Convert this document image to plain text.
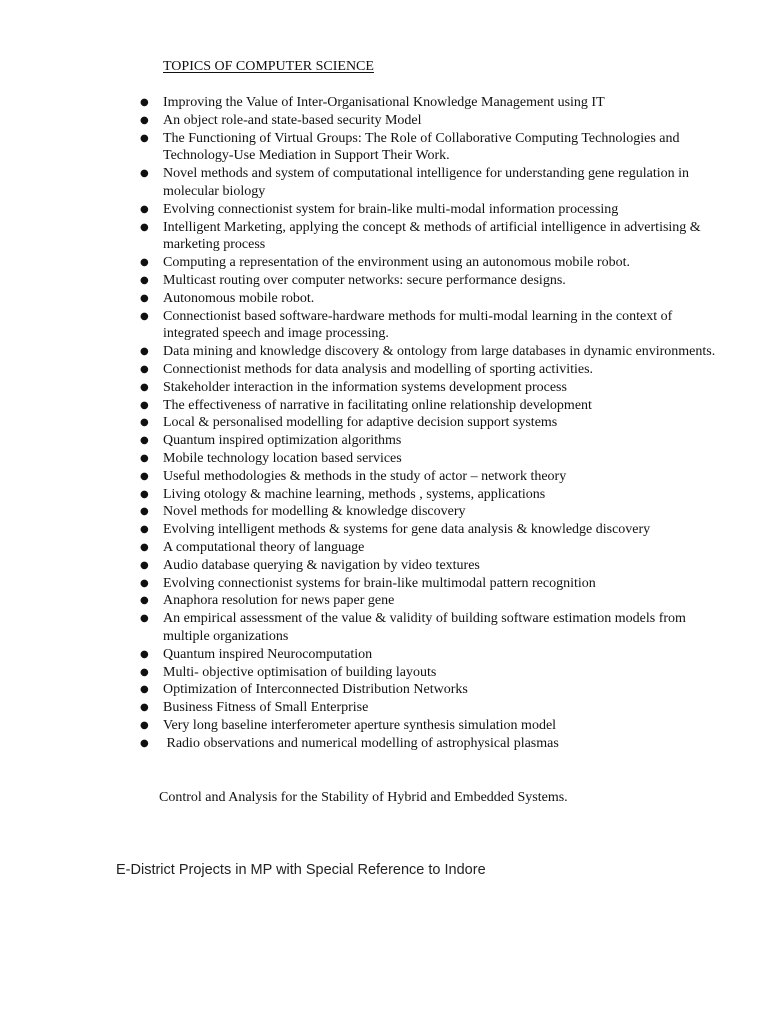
TOPICS OF COMPUTER SCIENCE
● Improving the Value of Inter-Organisational Knowledge Management using IT
● An object role-and state-based security Model
● The Functioning of Virtual Groups: The Role of Collaborative Computing Technologies and Technology-Use Mediation in Support Their Work.
● Novel methods and system of computational intelligence for understanding gene regulation in molecular biology
● Evolving connectionist system for brain-like multi-modal information processing
● Intelligent Marketing, applying the concept & methods of artificial intelligence in advertising & marketing process
● Computing a representation of the environment using an autonomous mobile robot.
● Multicast routing over computer networks: secure performance designs.
● Autonomous mobile robot.
● Connectionist based software-hardware methods for multi-modal learning in the context of integrated speech and image processing.
● Data mining and knowledge discovery & ontology from large databases in dynamic environments.
● Connectionist methods for data analysis and modelling of sporting activities.
● Stakeholder interaction in the information systems development process
● The effectiveness of narrative in facilitating online relationship development
● Local & personalised modelling for adaptive decision support systems
● Quantum inspired optimization algorithms
● Mobile technology location based services
● Useful methodologies & methods in the study of actor – network theory
● Living otology & machine learning, methods , systems, applications
● Novel methods for modelling & knowledge discovery
● Evolving intelligent methods & systems for gene data analysis & knowledge discovery
● A computational theory of language
● Audio database querying & navigation by video textures
● Evolving connectionist systems for brain-like multimodal pattern recognition
● Anaphora resolution for news paper gene
● An empirical assessment of the value & validity of building software estimation models from multiple organizations
● Quantum inspired Neurocomputation
● Multi- objective optimisation of building layouts
● Optimization of Interconnected Distribution Networks
● Business Fitness of Small Enterprise
● Very long baseline interferometer aperture synthesis simulation model
● Radio observations and numerical modelling of astrophysical plasmas
Control and Analysis for the Stability of Hybrid and Embedded Systems.
E-District Projects in MP with Special Reference to Indore
